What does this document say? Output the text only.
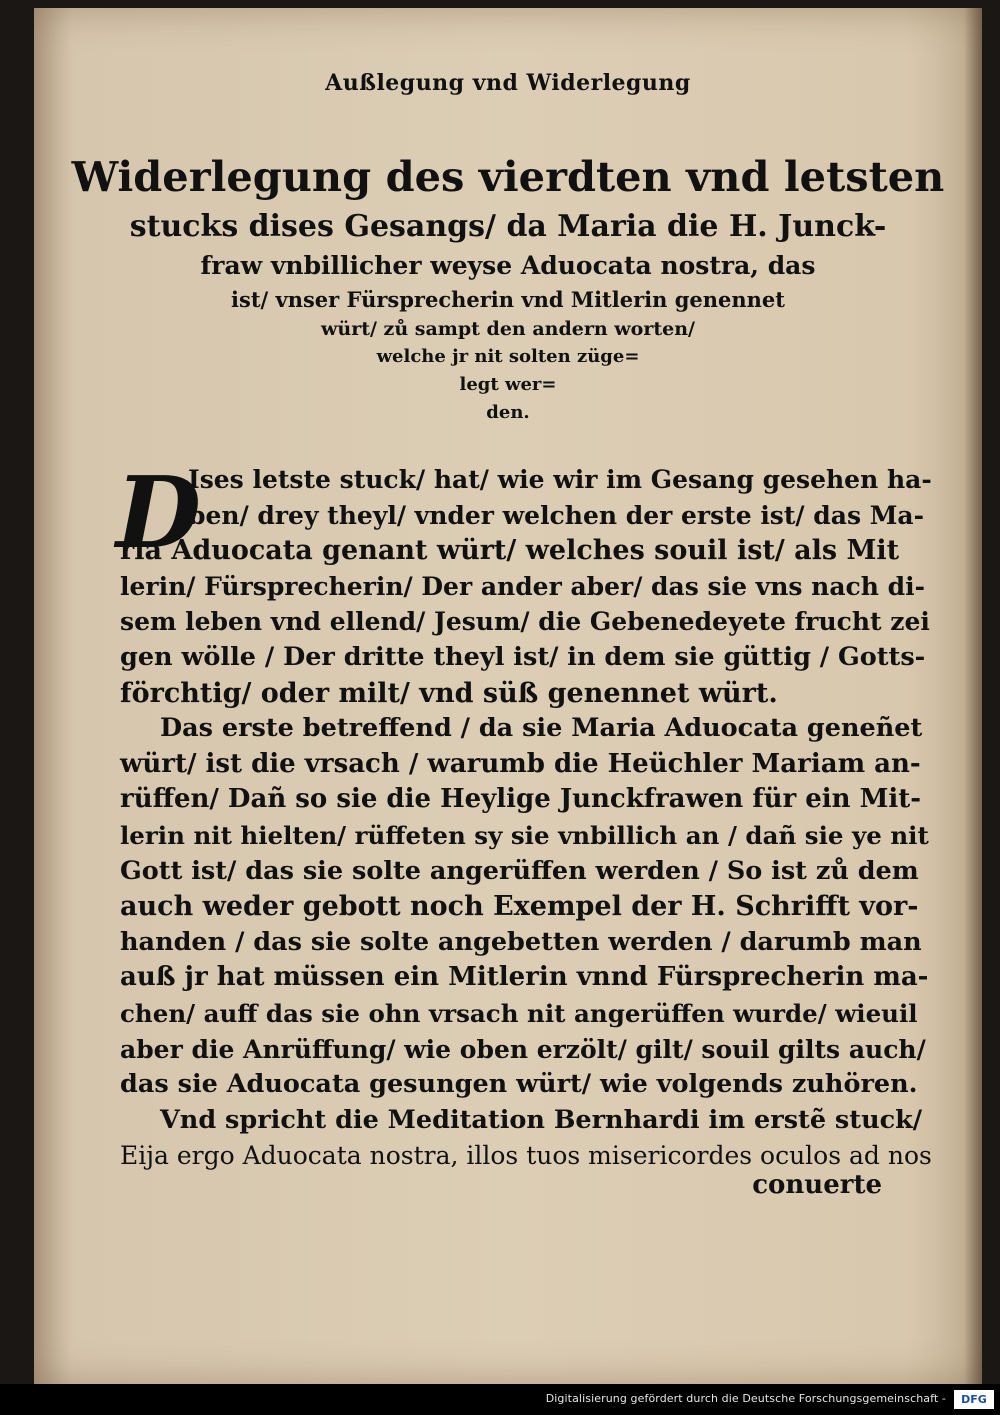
Außlegung vnd Widerlegung
Widerlegung des vierdten vnd letsten
stucks dises Gesangs/ da Maria die H. Junck-
fraw vnbillicher weyse Aduocata nostra, das
ist/ vnser Fürsprecherin vnd Mitlerin genennet
würt/ zů sampt den andern worten/
welche jr nit solten züge=
legt wer=
den.
D
Ises letste stuck/ hat/ wie wir im Gesang gesehen ha-
ben/ drey theyl/ vnder welchen der erste ist/ das Ma-
ria Aduocata genant würt/ welches souil ist/ als Mit
lerin/ Fürsprecherin/ Der ander aber/ das sie vns nach di-
sem leben vnd ellend/ Jesum/ die Gebenedeyete frucht zei
gen wölle / Der dritte theyl ist/ in dem sie güttig / Gotts-
förchtig/ oder milt/ vnd süß genennet würt.
Das erste betreffend / da sie Maria Aduocata geneñet
würt/ ist die vrsach / warumb die Heüchler Mariam an-
rüffen/ Dañ so sie die Heylige Junckfrawen für ein Mit-
lerin nit hielten/ rüffeten sy sie vnbillich an / dañ sie ye nit
Gott ist/ das sie solte angerüffen werden / So ist zů dem
auch weder gebott noch Exempel der H. Schrifft vor-
handen / das sie solte angebetten werden / darumb man
auß jr hat müssen ein Mitlerin vnnd Fürsprecherin ma-
chen/ auff das sie ohn vrsach nit angerüffen wurde/ wieuil
aber die Anrüffung/ wie oben erzölt/ gilt/ souil gilts auch/
das sie Aduocata gesungen würt/ wie volgends zuhören.
Vnd spricht die Meditation Bernhardi im erstẽ stuck/
Eija ergo Aduocata nostra, illos tuos misericordes oculos ad nos
conuerte
Digitalisierung gefördert durch die Deutsche Forschungsgemeinschaft - DFG
